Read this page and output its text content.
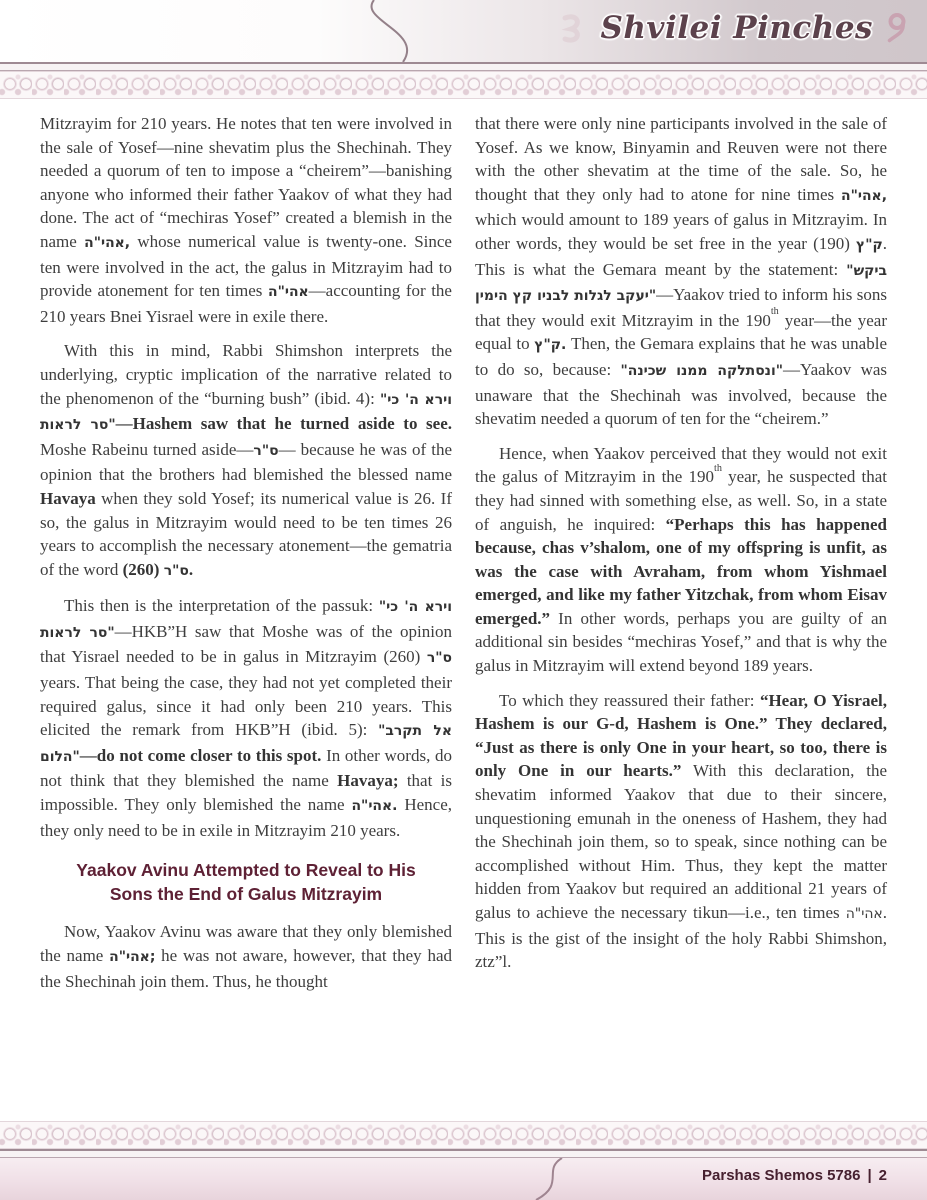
Shvilei Pinches

Mitzrayim for 210 years. He notes that ten were involved in the sale of Yosef—nine shevatim plus the Shechinah. They needed a quorum of ten to impose a “cheirem”—banishing anyone who informed their father Yaakov of what they had done. The act of “mechiras Yosef” created a blemish in the name אהי"ה, whose numerical value is twenty-one. Since ten were involved in the act, the galus in Mitzrayim had to provide atonement for ten times אהי"ה—accounting for the 210 years Bnei Yisrael were in exile there.

With this in mind, Rabbi Shimshon interprets the underlying, cryptic implication of the narrative related to the phenomenon of the “burning bush” (ibid. 4): "וירא ה' כי סר לראות"—Hashem saw that he turned aside to see. Moshe Rabeinu turned aside—ס"ר— because he was of the opinion that the brothers had blemished the blessed name Havaya when they sold Yosef; its numerical value is 26. If so, the galus in Mitzrayim would need to be ten times 26 years to accomplish the necessary atonement—the gematria of the word	ס"ר (260).

This then is the interpretation of the passuk: "וירא ה' כי סר לראות"—HKB”H saw that Moshe was of the opinion that Yisrael needed to be in galus in Mitzrayim	ס"ר (260) years. That being the case, they had not yet completed their required galus, since it had only been 210 years. This elicited the remark from HKB”H (ibid. 5): "אל תקרב הלום"—do not come closer to this spot. In other words, do not think that they blemished the name Havaya; that is impossible. They only blemished the name אהי"ה. Hence, they only need to be in exile in Mitzrayim 210 years.

Yaakov Avinu Attempted to Reveal to His Sons the End of Galus Mitzrayim

Now, Yaakov Avinu was aware that they only blemished the name אהי"ה; he was not aware, however, that they had the Shechinah join them. Thus, he thought

that there were only nine participants involved in the sale of Yosef. As we know, Binyamin and Reuven were not there with the other shevatim at the time of the sale. So, he thought that they only had to atone for nine times אהי"ה, which would amount to 189 years of galus in Mitzrayim. In other words, they would be set free in the year	ק"ץ (190). This is what the Gemara meant by the statement: "ביקש יעקב לגלות לבניו קץ הימין"—Yaakov tried to inform his sons that they would exit Mitzrayim in the 190th year—the year equal to ק"ץ. Then, the Gemara explains that he was unable to do so, because: "ונסתלקה ממנו שכינה"—Yaakov was unaware that the Shechinah was involved, because the shevatim needed a quorum of ten for the “cheirem.”

Hence, when Yaakov perceived that they would not exit the galus of Mitzrayim in the 190th year, he suspected that they had sinned with something else, as well. So, in a state of anguish, he inquired: “Perhaps this has happened because, chas v’shalom, one of my offspring is unfit, as was the case with Avraham, from whom Yishmael emerged, and like my father Yitzchak, from whom Eisav emerged.” In other words, perhaps you are guilty of an additional sin besides “mechiras Yosef,” and that is why the galus in Mitzrayim will extend beyond 189 years.

To which they reassured their father: “Hear, O Yisrael, Hashem is our G-d, Hashem is One.” They declared, “Just as there is only One in your heart, so too, there is only One in our hearts.” With this declaration, the shevatim informed Yaakov that due to their sincere, unquestioning emunah in the oneness of Hashem, they had the Shechinah join them, so to speak, since nothing can be accomplished without Him. Thus, they kept the matter hidden from Yaakov but required an additional 21 years of galus to achieve the necessary tikun—i.e., ten times אהי"ה. This is the gist of the insight of the holy Rabbi Shimshon, ztz”l.

Parshas Shemos 5786 | 2
